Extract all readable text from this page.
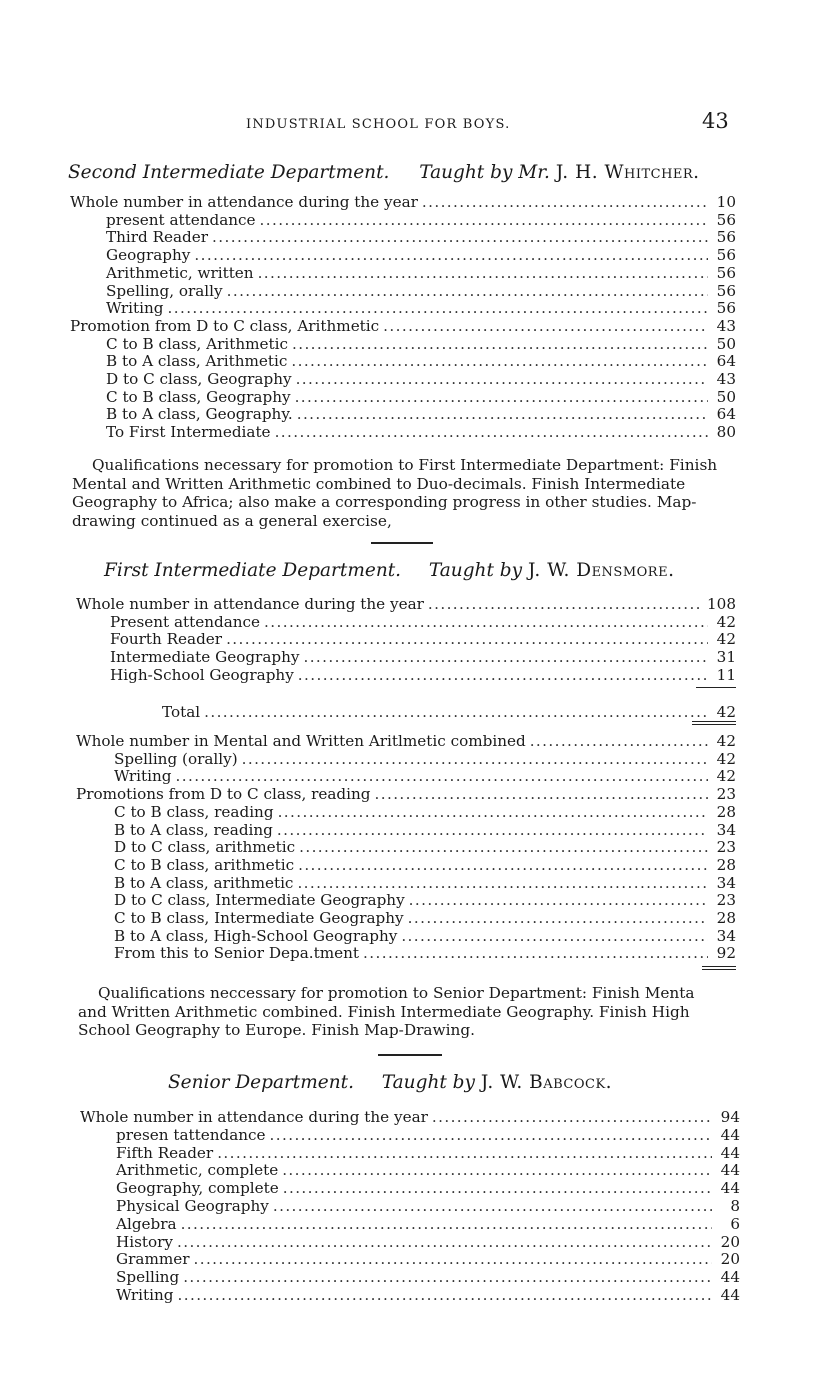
INDUSTRIAL SCHOOL FOR BOYS.	43
Second Intermediate Department. Taught by Mr. J. H. Whitcher.
Whole number in attendance during the year .....	10
present attendance .....	56
Third Reader .....	56
Geography .....	56
Arithmetic, written .....	56
Spelling, orally .....	56
Writing .....	56
Promotion from D to C class, Arithmetic .....	43
C to B class, Arithmetic .....	50
B to A class, Arithmetic .....	64
D to C class, Geography .....	43
C to B class, Geography .....	50
B to A class, Geography. .....	64
To First Intermediate .....	80
Qualifications necessary for promotion to First Intermediate Department: Finish
Mental and Written Arithmetic combined to Duo-decimals. Finish Intermediate
Geography to Africa; also make a corresponding progress in other studies. Map-
drawing continued as a general exercise,
First Intermediate Department. Taught by J. W. Densmore.
Whole number in attendance during the year .....	108
Present attendance .....	42
Fourth Reader .....	42
Intermediate Geography .....	31
High-School Geography .....	11
Total .....	42
Whole number in Mental and Written Aritlmetic combined .....	42
Spelling (orally) .....	42
Writing .....	42
Promotions from D to C class, reading .....	23
C to B class, reading .....	28
B to A class, reading .....	34
D to C class, arithmetic .....	23
C to B class, arithmetic .....	28
B to A class, arithmetic .....	34
D to C class, Intermediate Geography .....	23
C to B class, Intermediate Geography .....	28
B to A class, High-School Geography .....	34
From this to Senior Depa.tment .....	92
Qualifications neccessary for promotion to Senior Department: Finish Menta
and Written Arithmetic combined. Finish Intermediate Geography. Finish High
School Geography to Europe. Finish Map-Drawing.
Senior Department. Taught by J. W. Babcock.
Whole number in attendance during the year .....	94
presen tattendance .....	44
Fifth Reader .....	44
Arithmetic, complete .....	44
Geography, complete .....	44
Physical Geography .....	8
Algebra .....	6
History .....	20
Grammer .....	20
Spelling .....	44
Writing .....	44
